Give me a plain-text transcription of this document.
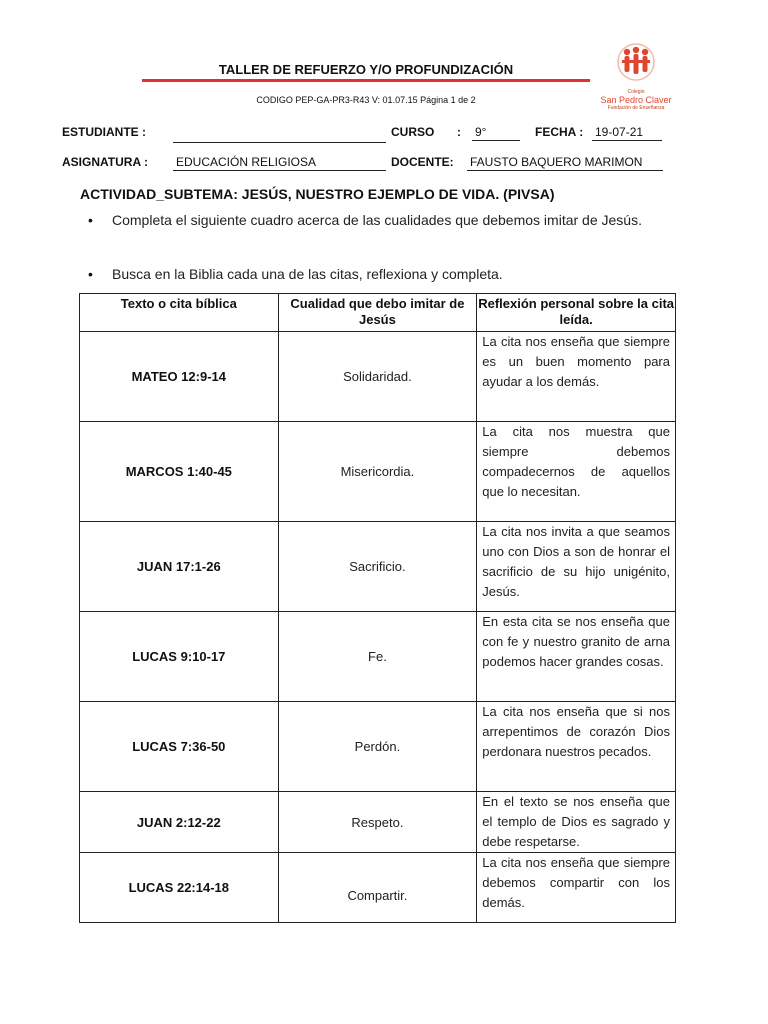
TALLER DE REFUERZO Y/O PROFUNDIZACIÓN
CODIGO PEP-GA-PR3-R43 V: 01.07.15 Página 1 de 2
Colegio
San Pedro Claver
Fundación de Enseñanza
ESTUDIANTE :	CURSO : 9°	FECHA : 19-07-21
ASIGNATURA : EDUCACIÓN RELIGIOSA	DOCENTE: FAUSTO BAQUERO MARIMON
ACTIVIDAD_SUBTEMA: JESÚS, NUESTRO EJEMPLO DE VIDA. (PIVSA)
• Completa el siguiente cuadro acerca de las cualidades que debemos imitar de Jesús.
• Busca en la Biblia cada una de las citas, reflexiona y completa.
Texto o cita bíblica	Cualidad que debo imitar de Jesús	Reflexión personal sobre la cita leída.
MATEO 12:9-14	Solidaridad.	La cita nos enseña que siempre es un buen momento para ayudar a los demás.
MARCOS 1:40-45	Misericordia.	La cita nos muestra que siempre debemos compadecernos de aquellos que lo necesitan.
JUAN 17:1-26	Sacrificio.	La cita nos invita a que seamos uno con Dios a son de honrar el sacrificio de su hijo unigénito, Jesús.
LUCAS 9:10-17	Fe.	En esta cita se nos enseña que con fe y nuestro granito de arna podemos hacer grandes cosas.
LUCAS 7:36-50	Perdón.	La cita nos enseña que si nos arrepentimos de corazón Dios perdonara nuestros pecados.
JUAN 2:12-22	Respeto.	En el texto se nos enseña que el templo de Dios es sagrado y debe respetarse.
LUCAS 22:14-18	Compartir.	La cita nos enseña que siempre debemos compartir con los demás.
